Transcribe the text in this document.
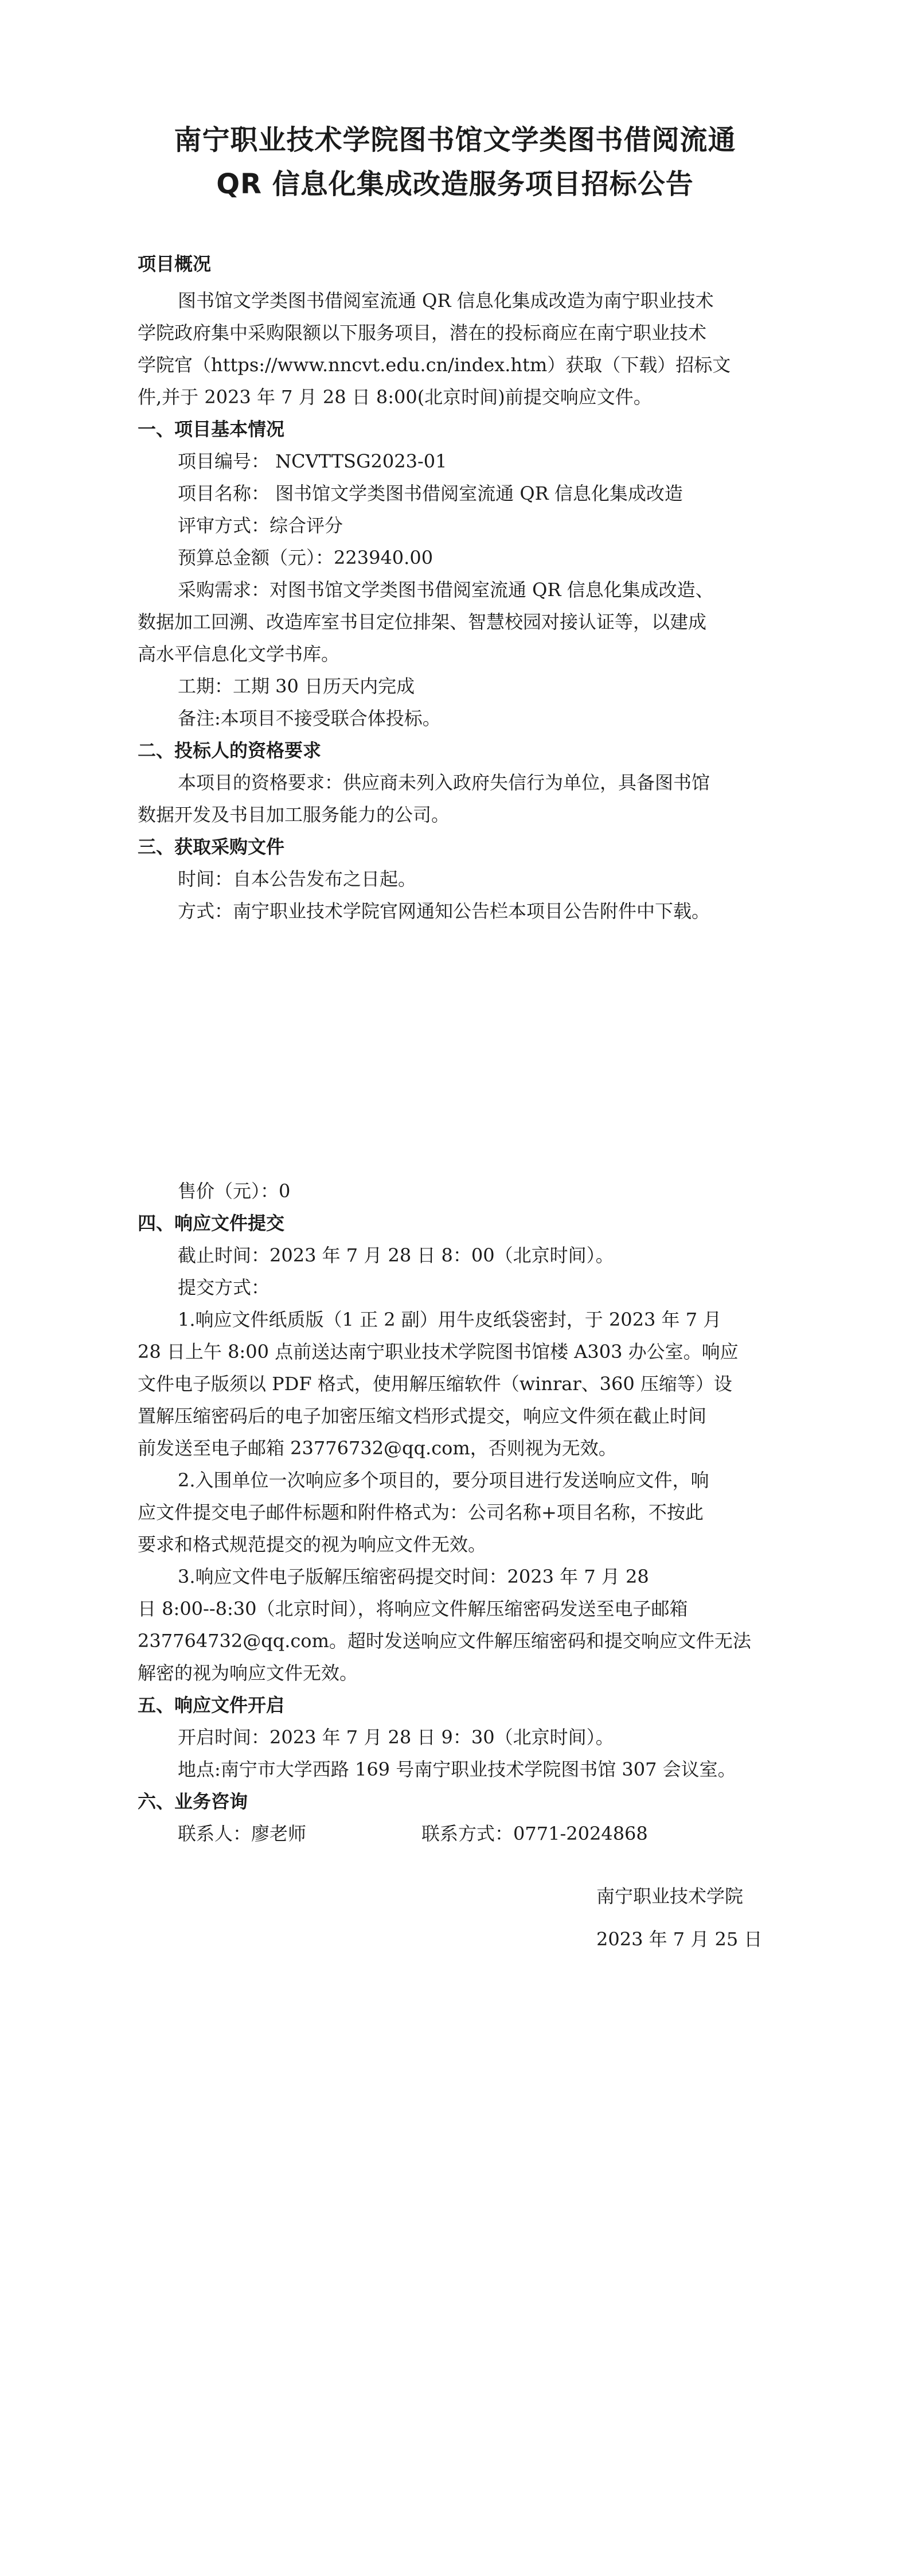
南宁职业技术学院图书馆文学类图书借阅流通
QR 信息化集成改造服务项目招标公告
项目概况
图书馆文学类图书借阅室流通 QR 信息化集成改造为南宁职业技术
学院政府集中采购限额以下服务项目，潜在的投标商应在南宁职业技术
学院官（https://www.nncvt.edu.cn/index.htm）获取（下载）招标文
件,并于 2023 年 7 月 28 日 8:00(北京时间)前提交响应文件。
一、项目基本情况
项目编号： NCVTTSG2023-01
项目名称： 图书馆文学类图书借阅室流通 QR 信息化集成改造
评审方式：综合评分
预算总金额（元）：223940.00
采购需求：对图书馆文学类图书借阅室流通 QR 信息化集成改造、
数据加工回溯、改造库室书目定位排架、智慧校园对接认证等，以建成
高水平信息化文学书库。
工期：工期 30 日历天内完成
备注:本项目不接受联合体投标。
二、投标人的资格要求
本项目的资格要求：供应商未列入政府失信行为单位，具备图书馆
数据开发及书目加工服务能力的公司。
三、获取采购文件
时间：自本公告发布之日起。
方式：南宁职业技术学院官网通知公告栏本项目公告附件中下载。
售价（元）：0
四、响应文件提交
截止时间：2023 年 7 月 28 日 8：00（北京时间）。
提交方式：
1.响应文件纸质版（1 正 2 副）用牛皮纸袋密封，于 2023 年 7 月
28 日上午 8:00 点前送达南宁职业技术学院图书馆楼 A303 办公室。响应
文件电子版须以 PDF 格式，使用解压缩软件（winrar、360 压缩等）设
置解压缩密码后的电子加密压缩文档形式提交，响应文件须在截止时间
前发送至电子邮箱 23776732@qq.com，否则视为无效。
2.入围单位一次响应多个项目的，要分项目进行发送响应文件，响
应文件提交电子邮件标题和附件格式为：公司名称+项目名称，不按此
要求和格式规范提交的视为响应文件无效。
3.响应文件电子版解压缩密码提交时间：2023 年 7 月 28
日 8:00--8:30（北京时间），将响应文件解压缩密码发送至电子邮箱
237764732@qq.com。超时发送响应文件解压缩密码和提交响应文件无法
解密的视为响应文件无效。
五、响应文件开启
开启时间：2023 年 7 月 28 日 9：30（北京时间）。
地点:南宁市大学西路 169 号南宁职业技术学院图书馆 307 会议室。
六、业务咨询
联系人：廖老师	联系方式：0771-2024868
南宁职业技术学院
2023 年 7 月 25 日
